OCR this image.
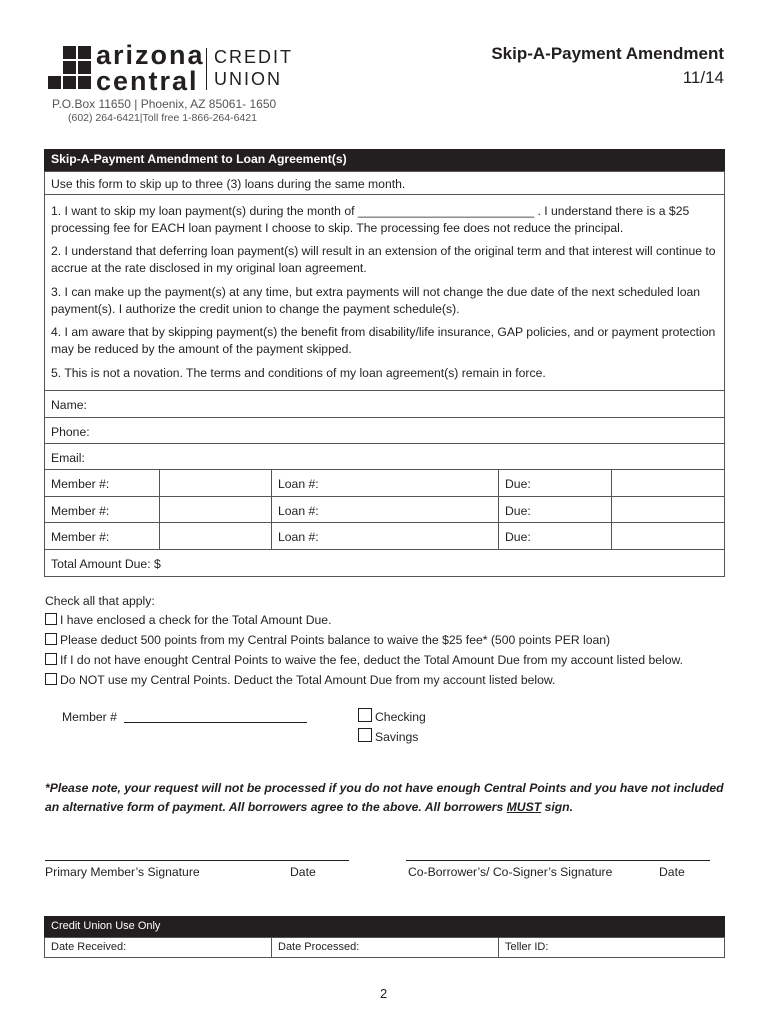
arizona
central
CREDIT
UNION
P.O.Box 11650 | Phoenix, AZ 85061- 1650
(602) 264-6421|Toll free 1-866-264-6421
Skip-A-Payment Amendment
11/14
Skip-A-Payment Amendment to Loan Agreement(s)
Use this form to skip up to three (3) loans during the same month.
1. I want to skip my loan payment(s) during the month of __________________________ . I understand there is a $25 processing fee for EACH loan payment I choose to skip. The processing fee does not reduce the principal.
2. I understand that deferring loan payment(s) will result in an extension of the original term and that interest will continue to accrue at the rate disclosed in my original loan agreement.
3. I can make up the payment(s) at any time, but extra payments will not change the due date of the next scheduled loan payment(s). I authorize the credit union to change the payment schedule(s).
4. I am aware that by skipping payment(s) the benefit from disability/life insurance, GAP policies, and or payment protection may be reduced by the amount of the payment skipped.
5. This is not a novation. The terms and conditions of my loan agreement(s) remain in force.
Name:
Phone:
Email:
Member #:	Loan #:	Due:
Member #:	Loan #:	Due:
Member #:	Loan #:	Due:
Total Amount Due: $
Check all that apply:
I have enclosed a check for the Total Amount Due.
Please deduct 500 points from my Central Points balance to waive the $25 fee* (500 points PER loan)
If I do not have enought Central Points to waive the fee, deduct the Total Amount Due from my account listed below.
Do NOT use my Central Points. Deduct the Total Amount Due from my account listed below.
Member #	Checking
Savings
*Please note, your request will not be processed if you do not have enough Central Points and you have not included an alternative form of payment. All borrowers agree to the above. All borrowers MUST sign.
Primary Member’s Signature	Date	Co-Borrower’s/ Co-Signer’s Signature	Date
Credit Union Use Only
Date Received:	Date Processed:	Teller ID:
2
